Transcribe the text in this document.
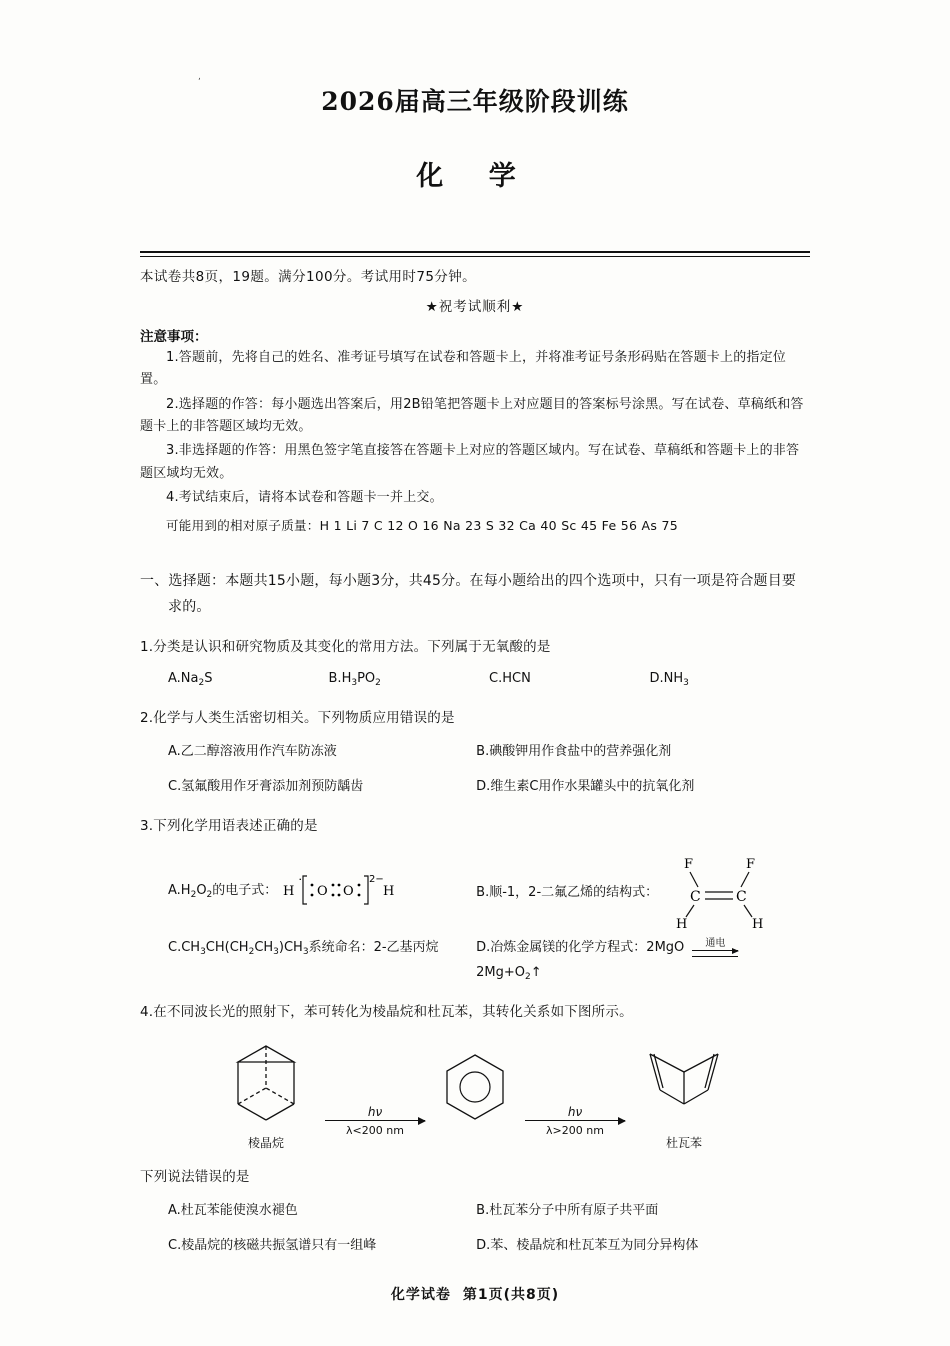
,
2026届高三年级阶段训练
化 学
本试卷共8页，19题。满分100分。考试用时75分钟。
★祝考试顺利★
注意事项：
1.答题前，先将自己的姓名、准考证号填写在试卷和答题卡上，并将准考证号条形码贴在答题卡上的指定位置。
2.选择题的作答：每小题选出答案后，用2B铅笔把答题卡上对应题目的答案标号涂黑。写在试卷、草稿纸和答题卡上的非答题区域均无效。
3.非选择题的作答：用黑色签字笔直接答在答题卡上对应的答题区域内。写在试卷、草稿纸和答题卡上的非答题区域均无效。
4.考试结束后，请将本试卷和答题卡一并上交。
可能用到的相对原子质量：H 1 Li 7 C 12 O 16 Na 23 S 32 Ca 40 Sc 45 Fe 56 As 75
一、选择题：本题共15小题，每小题3分，共45分。在每小题给出的四个选项中，只有一项是符合题目要
求的。
1.分类是认识和研究物质及其变化的常用方法。下列属于无氧酸的是
$A.Na_2S$	$B.H_3PO_2$	C.HCN	$D.NH_3$
2.化学与人类生活密切相关。下列物质应用错误的是
A.乙二醇溶液用作汽车防冻液	B.碘酸钾用作食盐中的营养强化剂
C.氢氟酸用作牙膏添加剂预防龋齿	D.维生素C用作水果罐头中的抗氧化剂
3.下列化学用语表述正确的是
$A.H_2O_2$的电子式： H ˙ O O
2−
H	B.顺-1，2-二氟乙烯的结构式：
F	F
C	C
H	H
$C.CH_3CH(CH_2CH_3)CH_3$系统命名：2-乙基丙烷	D.冶炼金属镁的化学方程式：2MgO 通电
$2Mg+O_2↑$
4.在不同波长光的照射下，苯可转化为棱晶烷和杜瓦苯，其转化关系如下图所示。
棱晶烷
hν
λ<200 nm

hν
λ>200 nm
杜瓦苯
下列说法错误的是
A.杜瓦苯能使溴水褪色	B.杜瓦苯分子中所有原子共平面
C.棱晶烷的核磁共振氢谱只有一组峰	D.苯、棱晶烷和杜瓦苯互为同分异构体
化学试卷 第1页(共8页)
